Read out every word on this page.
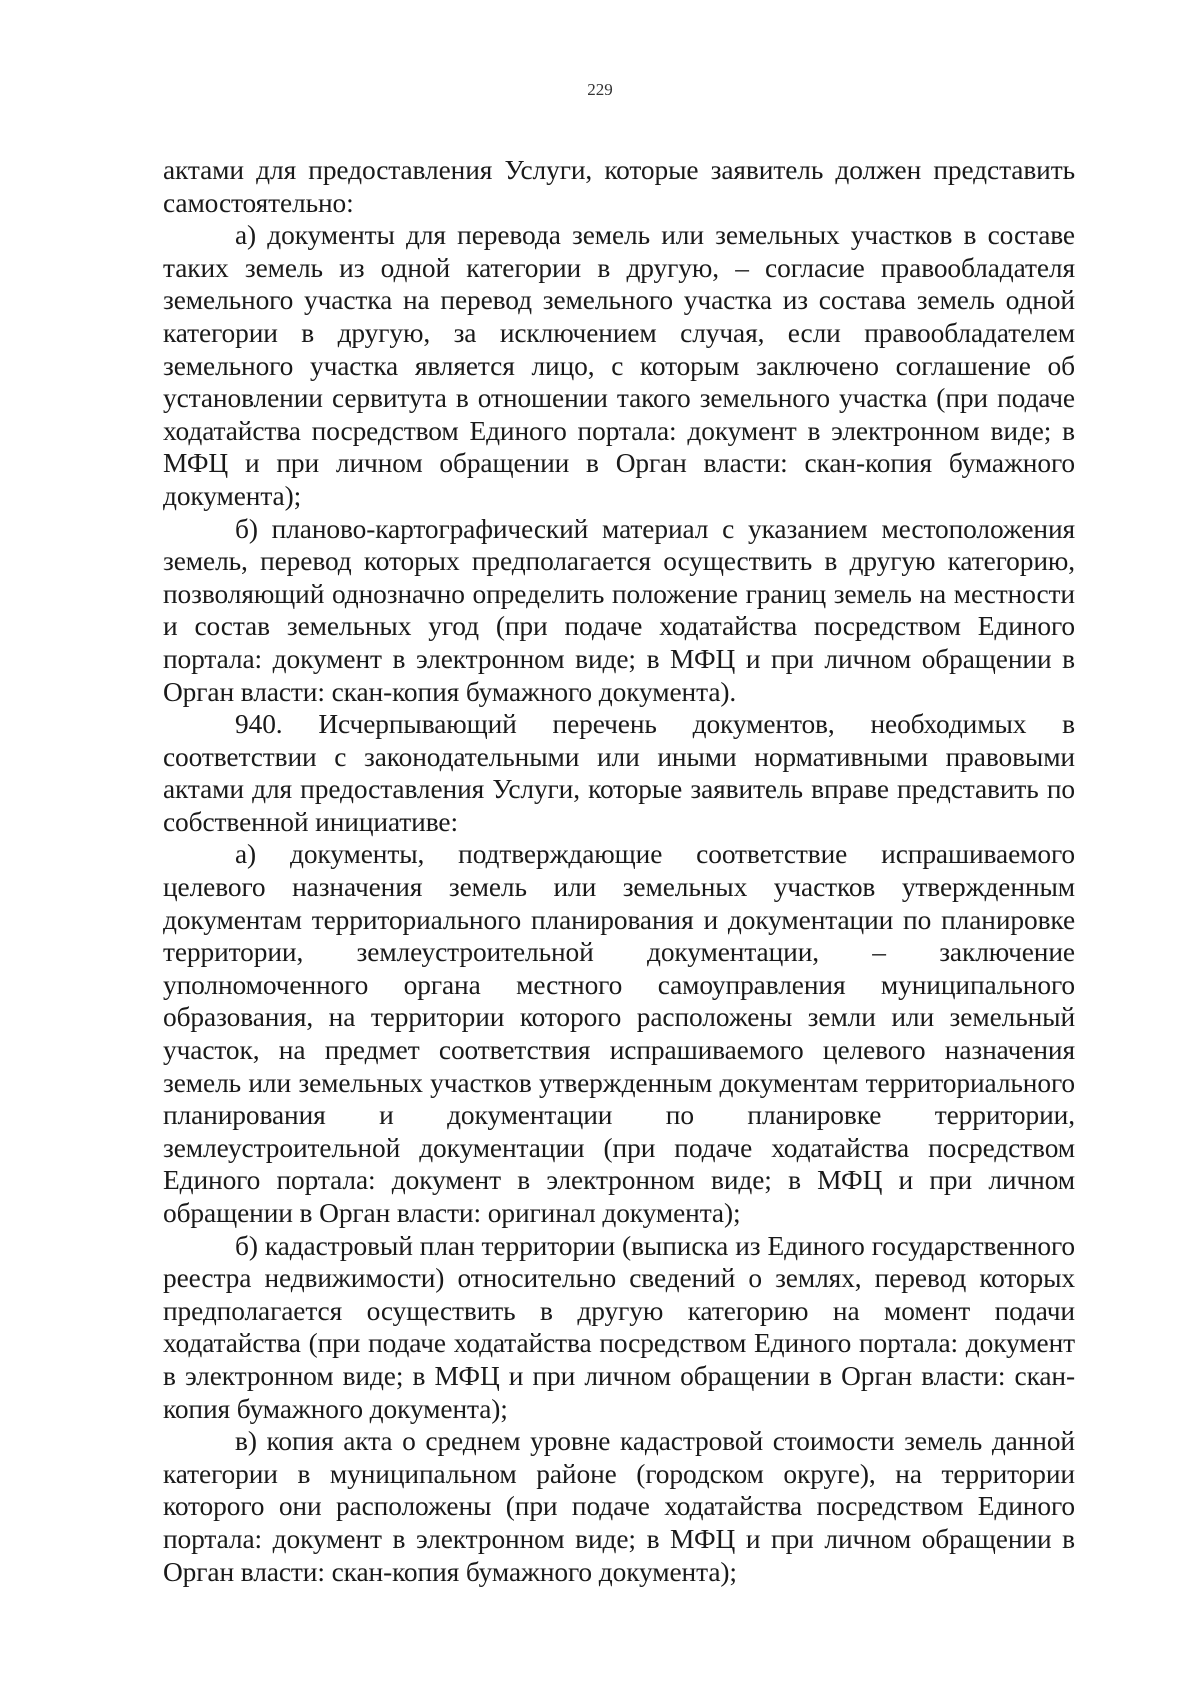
229

актами для предоставления Услуги, которые заявитель должен представить самостоятельно:

а) документы для перевода земель или земельных участков в составе таких земель из одной категории в другую, – согласие правообладателя земельного участка на перевод земельного участка из состава земель одной категории в другую, за исключением случая, если правообладателем земельного участка является лицо, с которым заключено соглашение об установлении сервитута в отношении такого земельного участка (при подаче ходатайства посредством Единого портала: документ в электронном виде; в МФЦ и при личном обращении в Орган власти: скан-копия бумажного документа);

б) планово-картографический материал с указанием местоположения земель, перевод которых предполагается осуществить в другую категорию, позволяющий однозначно определить положение границ земель на местности и состав земельных угод (при подаче ходатайства посредством Единого портала: документ в электронном виде; в МФЦ и при личном обращении в Орган власти: скан-копия бумажного документа).

940. Исчерпывающий перечень документов, необходимых в соответствии с законодательными или иными нормативными правовыми актами для предоставления Услуги, которые заявитель вправе представить по собственной инициативе:

а) документы, подтверждающие соответствие испрашиваемого целевого назначения земель или земельных участков утвержденным документам территориального планирования и документации по планировке территории, землеустроительной документации, – заключение уполномоченного органа местного самоуправления муниципального образования, на территории которого расположены земли или земельный участок, на предмет соответствия испрашиваемого целевого назначения земель или земельных участков утвержденным документам территориального планирования и документации по планировке территории, землеустроительной документации (при подаче ходатайства посредством Единого портала: документ в электронном виде; в МФЦ и при личном обращении в Орган власти: оригинал документа);

б) кадастровый план территории (выписка из Единого государственного реестра недвижимости) относительно сведений о землях, перевод которых предполагается осуществить в другую категорию на момент подачи ходатайства (при подаче ходатайства посредством Единого портала: документ в электронном виде; в МФЦ и при личном обращении в Орган власти: скан-копия бумажного документа);

в) копия акта о среднем уровне кадастровой стоимости земель данной категории в муниципальном районе (городском округе), на территории которого они расположены (при подаче ходатайства посредством Единого портала: документ в электронном виде; в МФЦ и при личном обращении в Орган власти: скан-копия бумажного документа);
